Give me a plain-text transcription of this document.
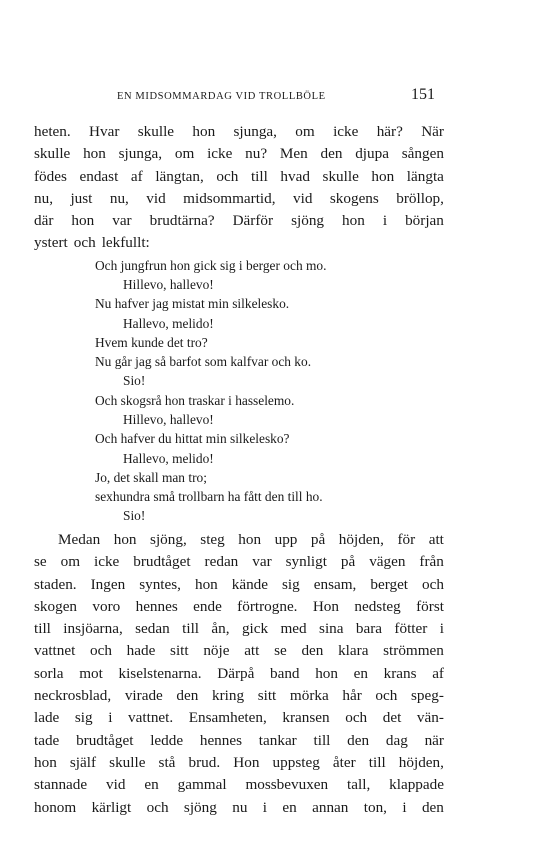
EN MIDSOMMARDAG VID TROLLBÖLE	151
heten. Hvar skulle hon sjunga, om icke här? När
skulle hon sjunga, om icke nu? Men den djupa sången
födes endast af längtan, och till hvad skulle hon längta
nu, just nu, vid midsommartid, vid skogens bröllop,
där hon var brudtärna? Därför sjöng hon i början
ystert och lekfullt:
Och jungfrun hon gick sig i berger och mo.
Hillevo, hallevo!
Nu hafver jag mistat min silkelesko.
Hallevo, melido!
Hvem kunde det tro?
Nu går jag så barfot som kalfvar och ko.
Sio!
Och skogsrå hon traskar i hasselemo.
Hillevo, hallevo!
Och hafver du hittat min silkelesko?
Hallevo, melido!
Jo, det skall man tro;
sexhundra små trollbarn ha fått den till ho.
Sio!
Medan hon sjöng, steg hon upp på höjden, för att
se om icke brudtåget redan var synligt på vägen från
staden. Ingen syntes, hon kände sig ensam, berget och
skogen voro hennes ende förtrogne. Hon nedsteg först
till insjöarna, sedan till ån, gick med sina bara fötter i
vattnet och hade sitt nöje att se den klara strömmen
sorla mot kiselstenarna. Därpå band hon en krans af
neckrosblad, virade den kring sitt mörka hår och speg-
lade sig i vattnet. Ensamheten, kransen och det vän-
tade brudtåget ledde hennes tankar till den dag när
hon själf skulle stå brud. Hon uppsteg åter till höjden,
stannade vid en gammal mossbevuxen tall, klappade
honom kärligt och sjöng nu i en annan ton, i den
